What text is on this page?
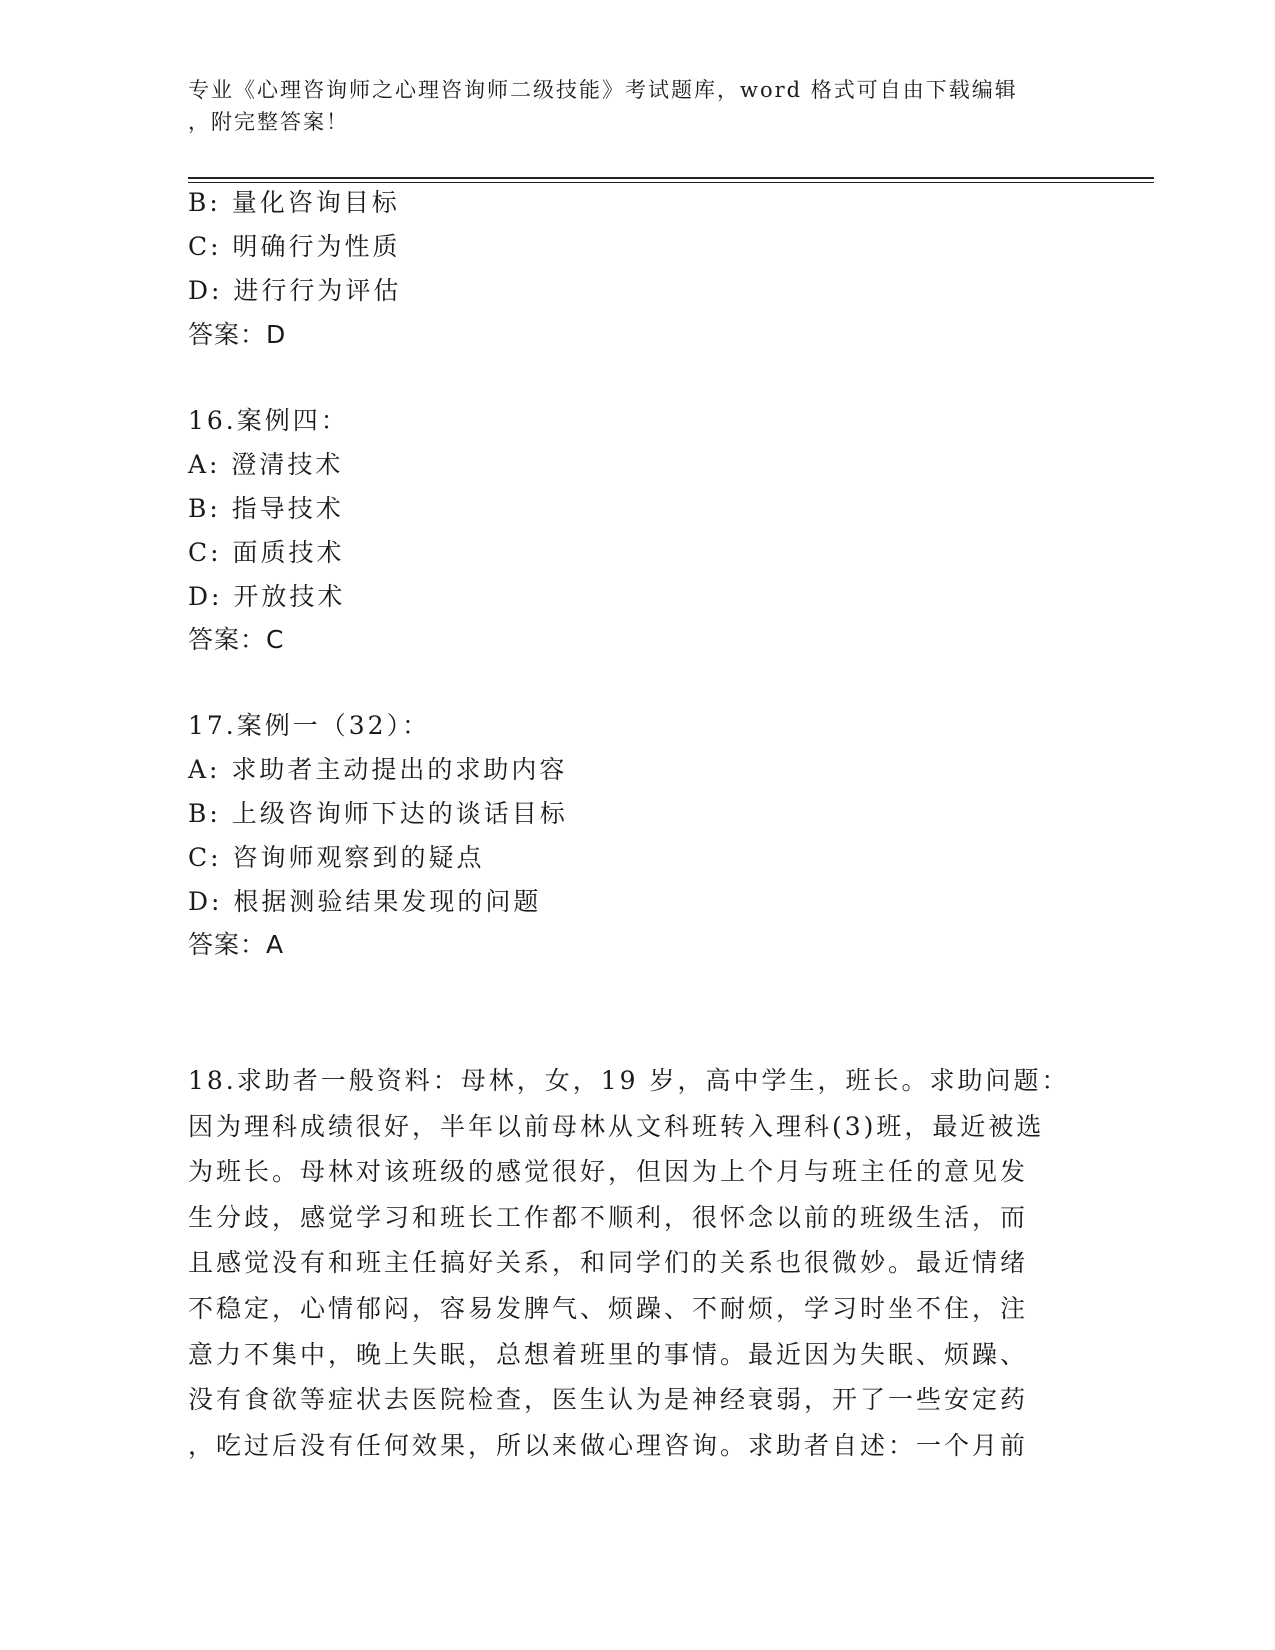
专业《心理咨询师之心理咨询师二级技能》考试题库，word 格式可自由下载编辑
，附完整答案！
B: 量化咨询目标
C: 明确行为性质
D: 进行行为评估
答案：D
16.案例四：
A: 澄清技术
B: 指导技术
C: 面质技术
D: 开放技术
答案：C
17.案例一（32）：
A: 求助者主动提出的求助内容
B: 上级咨询师下达的谈话目标
C: 咨询师观察到的疑点
D: 根据测验结果发现的问题
答案：A
18.求助者一般资料：母林，女，19 岁，高中学生，班长。求助问题：
因为理科成绩很好，半年以前母林从文科班转入理科(3)班，最近被选
为班长。母林对该班级的感觉很好，但因为上个月与班主任的意见发
生分歧，感觉学习和班长工作都不顺利，很怀念以前的班级生活，而
且感觉没有和班主任搞好关系，和同学们的关系也很微妙。最近情绪
不稳定，心情郁闷，容易发脾气、烦躁、不耐烦，学习时坐不住，注
意力不集中，晚上失眠，总想着班里的事情。最近因为失眠、烦躁、
没有食欲等症状去医院检查，医生认为是神经衰弱，开了一些安定药
，吃过后没有任何效果，所以来做心理咨询。求助者自述：一个月前
